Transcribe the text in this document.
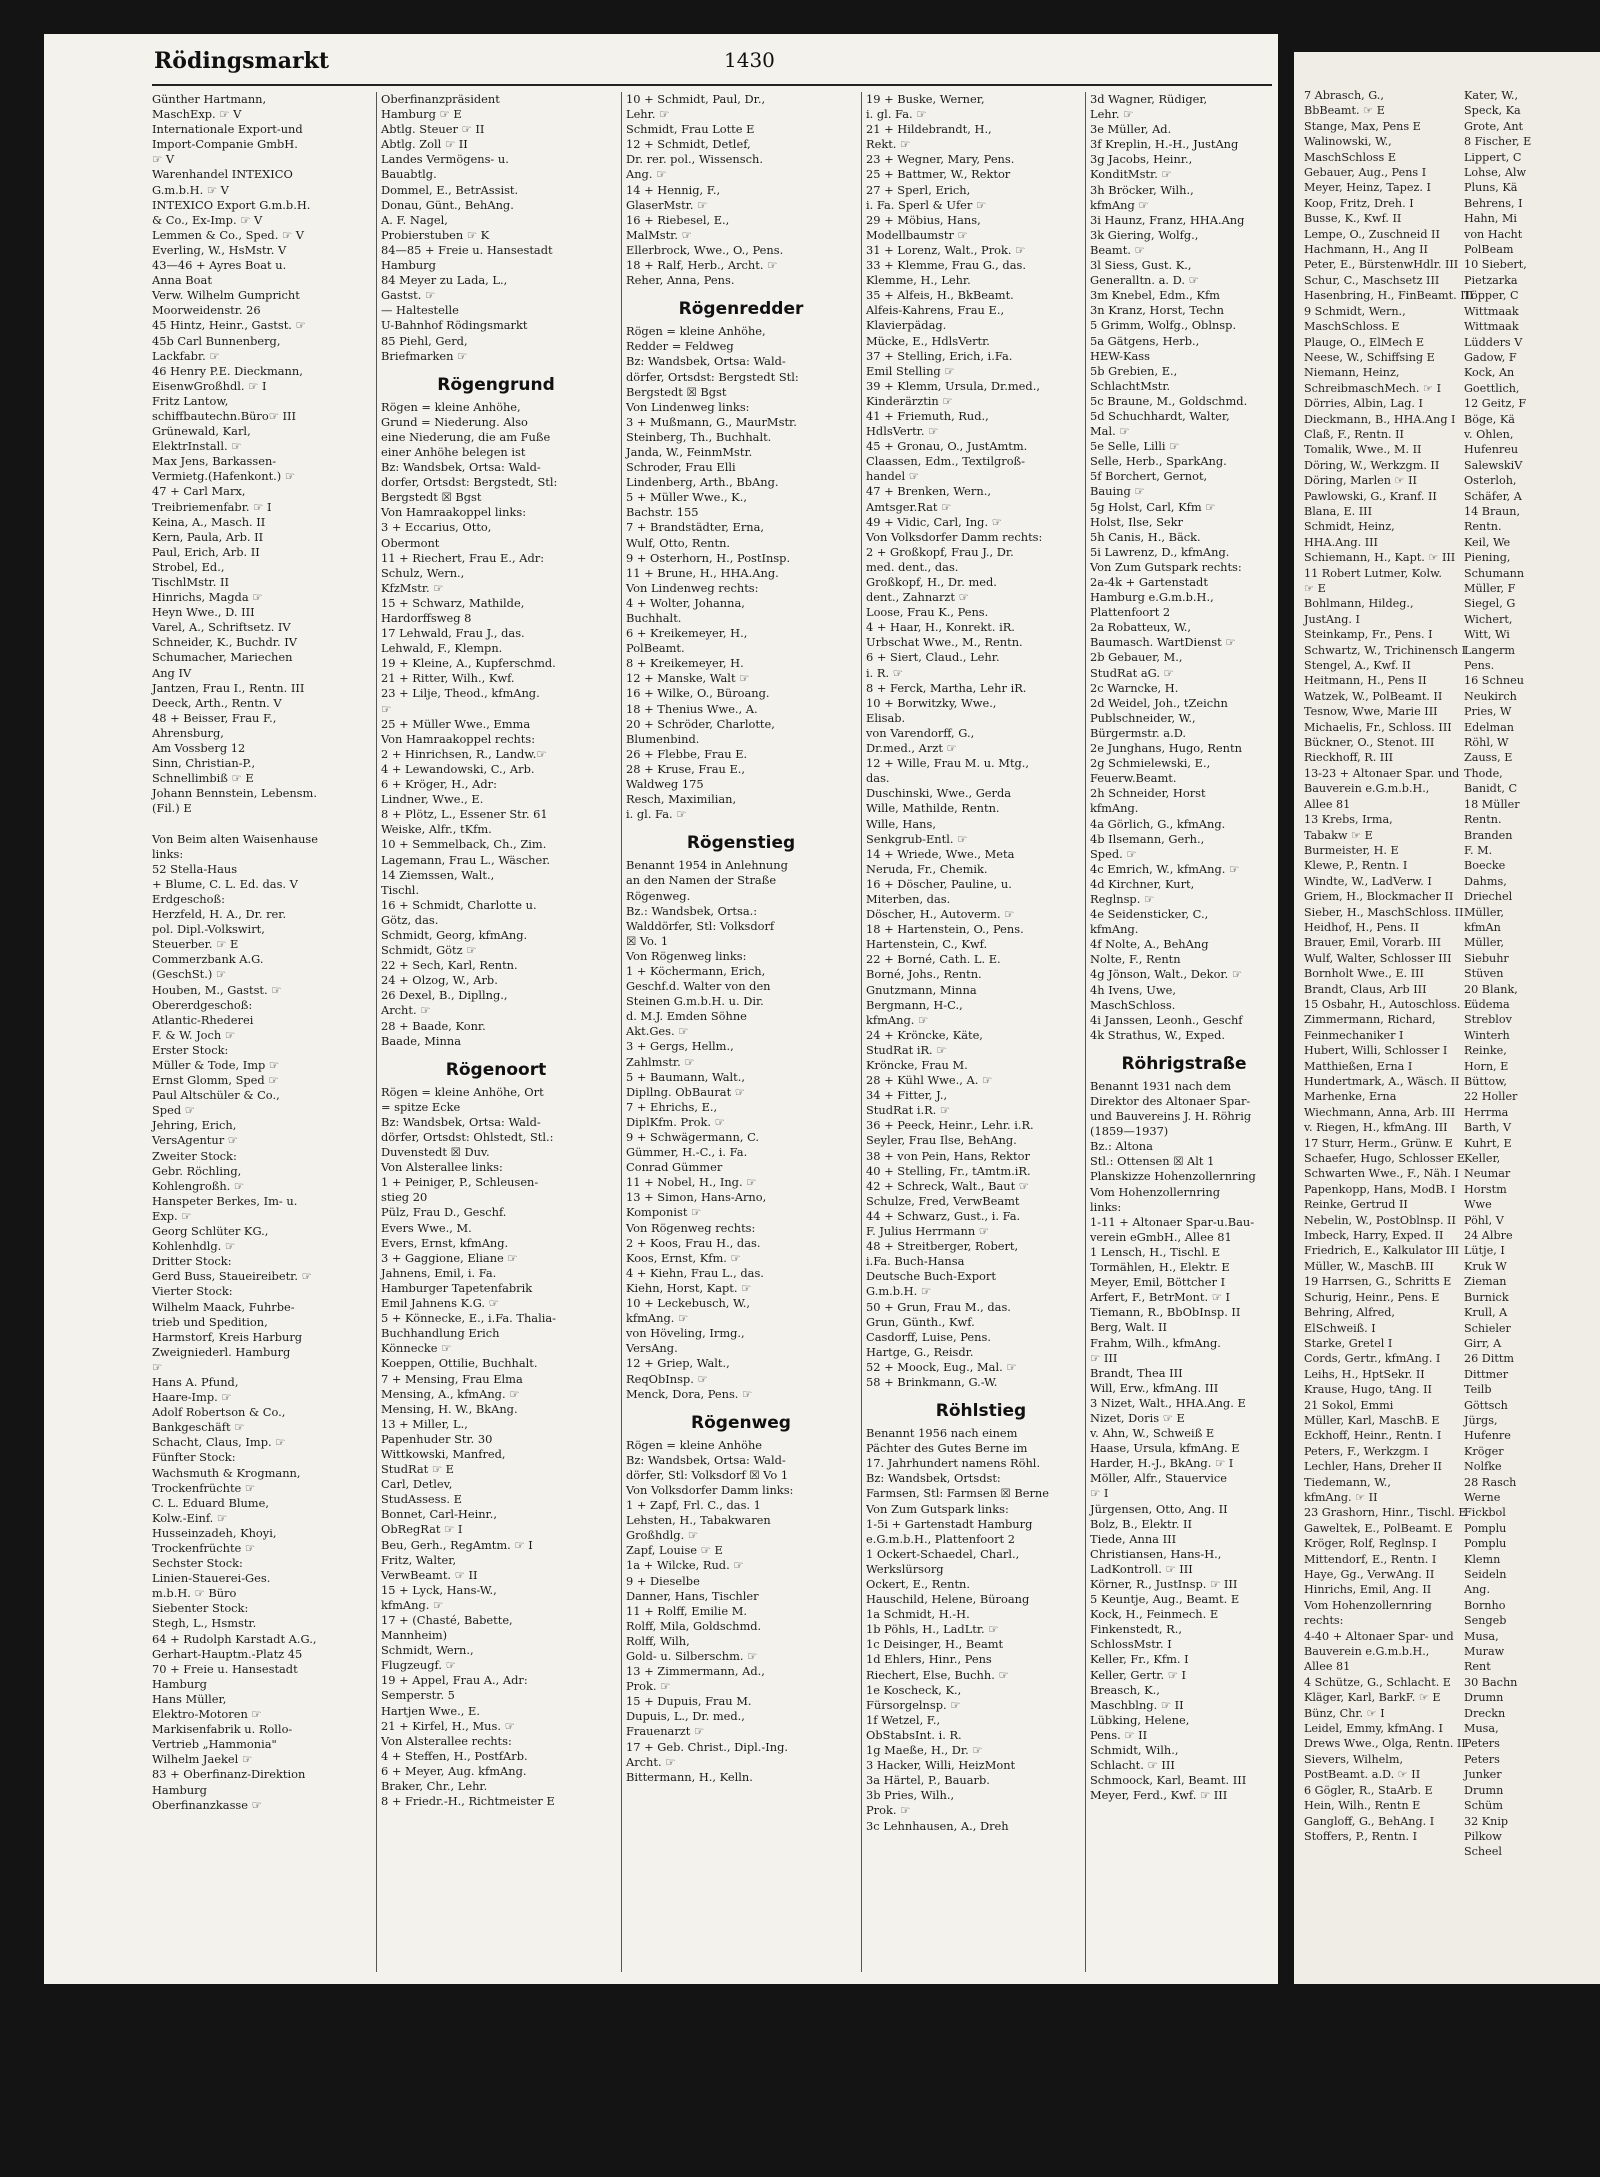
Rödingsmarkt	1430
Günther Hartmann,
MaschExp. ☞ V
Internationale Export-und
Import-Companie GmbH.
☞ V
Warenhandel INTEXICO
G.m.b.H. ☞ V
INTEXICO Export G.m.b.H.
& Co., Ex-Imp. ☞ V
Lemmen & Co., Sped. ☞ V
Everling, W., HsMstr. V
43—46 + Ayres Boat u.
Anna Boat
Verw. Wilhelm Gumpricht
Moorweidenstr. 26
45 Hintz, Heinr., Gastst. ☞
45b Carl Bunnenberg,
Lackfabr. ☞
46 Henry P.E. Dieckmann,
EisenwGroßhdl. ☞ I
Fritz Lantow,
schiffbautechn.Büro☞ III
Grünewald, Karl,
ElektrInstall. ☞
Max Jens, Barkassen-
Vermietg.(Hafenkont.) ☞
47 + Carl Marx,
Treibriemenfabr. ☞ I
Keina, A., Masch. II
Kern, Paula, Arb. II
Paul, Erich, Arb. II
Strobel, Ed.,
TischlMstr. II
Hinrichs, Magda ☞
Heyn Wwe., D. III
Varel, A., Schriftsetz. IV
Schneider, K., Buchdr. IV
Schumacher, Mariechen
Ang IV
Jantzen, Frau I., Rentn. III
Deeck, Arth., Rentn. V
48 + Beisser, Frau F.,
Ahrensburg,
Am Vossberg 12
Sinn, Christian-P.,
Schnellimbiß ☞ E
Johann Bennstein, Lebensm.
(Fil.) E

Von Beim alten Waisenhause
links:
52 Stella-Haus
+ Blume, C. L. Ed. das. V
Erdgeschoß:
Herzfeld, H. A., Dr. rer.
pol. Dipl.-Volkswirt,
Steuerber. ☞ E
Commerzbank A.G.
(GeschSt.) ☞
Houben, M., Gastst. ☞
Obererdgeschoß:
Atlantic-Rhederei
F. & W. Joch ☞
Erster Stock:
Müller & Tode, Imp ☞
Ernst Glomm, Sped ☞
Paul Altschüler & Co.,
Sped ☞
Jehring, Erich,
VersAgentur ☞
Zweiter Stock:
Gebr. Röchling,
Kohlengroßh. ☞
Hanspeter Berkes, Im- u.
Exp. ☞
Georg Schlüter KG.,
Kohlenhdlg. ☞
Dritter Stock:
Gerd Buss, Staueireibetr. ☞
Vierter Stock:
Wilhelm Maack, Fuhrbe-
trieb und Spedition,
Harmstorf, Kreis Harburg
Zweigniederl. Hamburg
☞
Hans A. Pfund,
Haare-Imp. ☞
Adolf Robertson & Co.,
Bankgeschäft ☞
Schacht, Claus, Imp. ☞
Fünfter Stock:
Wachsmuth & Krogmann,
Trockenfrüchte ☞
C. L. Eduard Blume,
Kolw.-Einf. ☞
Husseinzadeh, Khoyi,
Trockenfrüchte ☞
Sechster Stock:
Linien-Stauerei-Ges.
m.b.H. ☞ Büro
Siebenter Stock:
Stegh, L., Hsmstr.
64 + Rudolph Karstadt A.G.,
Gerhart-Hauptm.-Platz 45
70 + Freie u. Hansestadt
Hamburg
Hans Müller,
Elektro-Motoren ☞
Markisenfabrik u. Rollo-
Vertrieb „Hammonia"
Wilhelm Jaekel ☞
83 + Oberfinanz-Direktion
Hamburg
Oberfinanzkasse ☞
Oberfinanzpräsident
Hamburg ☞ E
Abtlg. Steuer ☞ II
Abtlg. Zoll ☞ II
Landes Vermögens- u.
Bauabtlg.
Dommel, E., BetrAssist.
Donau, Günt., BehAng.
A. F. Nagel,
Probierstuben ☞ K
84—85 + Freie u. Hansestadt
Hamburg
84 Meyer zu Lada, L.,
Gastst. ☞
— Haltestelle
U-Bahnhof Rödingsmarkt
85 Piehl, Gerd,
Briefmarken ☞
Rögengrund
Rögen = kleine Anhöhe,
Grund = Niederung. Also
eine Niederung, die am Fuße
einer Anhöhe belegen ist
Bz: Wandsbek, Ortsa: Wald-
dorfer, Ortsdst: Bergstedt, Stl:
Bergstedt ☒ Bgst
Von Hamraakoppel links:
3 + Eccarius, Otto,
Obermont
11 + Riechert, Frau E., Adr:
Schulz, Wern.,
KfzMstr. ☞
15 + Schwarz, Mathilde,
Hardorffsweg 8
17 Lehwald, Frau J., das.
Lehwald, F., Klempn.
19 + Kleine, A., Kupferschmd.
21 + Ritter, Wilh., Kwf.
23 + Lilje, Theod., kfmAng.
☞
25 + Müller Wwe., Emma
Von Hamraakoppel rechts:
2 + Hinrichsen, R., Landw.☞
4 + Lewandowski, C., Arb.
6 + Kröger, H., Adr:
Lindner, Wwe., E.
8 + Plötz, L., Essener Str. 61
Weiske, Alfr., tKfm.
10 + Semmelback, Ch., Zim.
Lagemann, Frau L., Wäscher.
14 Ziemssen, Walt.,
Tischl.
16 + Schmidt, Charlotte u.
Götz, das.
Schmidt, Georg, kfmAng.
Schmidt, Götz ☞
22 + Sech, Karl, Rentn.
24 + Olzog, W., Arb.
26 Dexel, B., Dipllng.,
Archt. ☞
28 + Baade, Konr.
Baade, Minna
Rögenoort
Rögen = kleine Anhöhe, Ort
= spitze Ecke
Bz: Wandsbek, Ortsa: Wald-
dörfer, Ortsdst: Ohlstedt, Stl.:
Duvenstedt ☒ Duv.
Von Alsterallee links:
1 + Peiniger, P., Schleusen-
stieg 20
Pülz, Frau D., Geschf.
Evers Wwe., M.
Evers, Ernst, kfmAng.
3 + Gaggione, Eliane ☞
Jahnens, Emil, i. Fa.
Hamburger Tapetenfabrik
Emil Jahnens K.G. ☞
5 + Könnecke, E., i.Fa. Thalia-
Buchhandlung Erich
Könnecke ☞
Koeppen, Ottilie, Buchhalt.
7 + Mensing, Frau Elma
Mensing, A., kfmAng. ☞
Mensing, H. W., BkAng.
13 + Miller, L.,
Papenhuder Str. 30
Wittkowski, Manfred,
StudRat ☞ E
Carl, Detlev,
StudAssess. E
Bonnet, Carl-Heinr.,
ObRegRat ☞ I
Beu, Gerh., RegAmtm. ☞ I
Fritz, Walter,
VerwBeamt. ☞ II
15 + Lyck, Hans-W.,
kfmAng. ☞
17 + (Chasté, Babette,
Mannheim)
Schmidt, Wern.,
Flugzeugf. ☞
19 + Appel, Frau A., Adr:
Semperstr. 5
Hartjen Wwe., E.
21 + Kirfel, H., Mus. ☞
Von Alsterallee rechts:
4 + Steffen, H., PostfArb.
6 + Meyer, Aug. kfmAng.
Braker, Chr., Lehr.
8 + Friedr.-H., Richtmeister E
10 + Schmidt, Paul, Dr.,
Lehr. ☞
Schmidt, Frau Lotte E
12 + Schmidt, Detlef,
Dr. rer. pol., Wissensch.
Ang. ☞
14 + Hennig, F.,
GlaserMstr. ☞
16 + Riebesel, E.,
MalMstr. ☞
Ellerbrock, Wwe., O., Pens.
18 + Ralf, Herb., Archt. ☞
Reher, Anna, Pens.
Rögenredder
Rögen = kleine Anhöhe,
Redder = Feldweg
Bz: Wandsbek, Ortsa: Wald-
dörfer, Ortsdst: Bergstedt Stl:
Bergstedt ☒ Bgst
Von Lindenweg links:
3 + Mußmann, G., MaurMstr.
Steinberg, Th., Buchhalt.
Janda, W., FeinmMstr.
Schroder, Frau Elli
Lindenberg, Arth., BbAng.
5 + Müller Wwe., K.,
Bachstr. 155
7 + Brandstädter, Erna,
Wulf, Otto, Rentn.
9 + Osterhorn, H., PostInsp.
11 + Brune, H., HHA.Ang.
Von Lindenweg rechts:
4 + Wolter, Johanna,
Buchhalt.
6 + Kreikemeyer, H.,
PolBeamt.
8 + Kreikemeyer, H.
12 + Manske, Walt ☞
16 + Wilke, O., Büroang.
18 + Thenius Wwe., A.
20 + Schröder, Charlotte,
Blumenbind.
26 + Flebbe, Frau E.
28 + Kruse, Frau E.,
Waldweg 175
Resch, Maximilian,
i. gl. Fa. ☞
Rögenstieg
Benannt 1954 in Anlehnung
an den Namen der Straße
Rögenweg.
Bz.: Wandsbek, Ortsa.:
Walddörfer, Stl: Volksdorf
☒ Vo. 1
Von Rögenweg links:
1 + Köchermann, Erich,
Geschf.d. Walter von den
Steinen G.m.b.H. u. Dir.
d. M.J. Emden Söhne
Akt.Ges. ☞
3 + Gergs, Hellm.,
Zahlmstr. ☞
5 + Baumann, Walt.,
Dipllng. ObBaurat ☞
7 + Ehrichs, E.,
DiplKfm. Prok. ☞
9 + Schwägermann, C.
Gümmer, H.-C., i. Fa.
Conrad Gümmer
11 + Nobel, H., Ing. ☞
13 + Simon, Hans-Arno,
Komponist ☞
Von Rögenweg rechts:
2 + Koos, Frau H., das.
Koos, Ernst, Kfm. ☞
4 + Kiehn, Frau L., das.
Kiehn, Horst, Kapt. ☞
10 + Leckebusch, W.,
kfmAng. ☞
von Höveling, Irmg.,
VersAng.
12 + Griep, Walt.,
ReqObInsp. ☞
Menck, Dora, Pens. ☞
Rögenweg
Rögen = kleine Anhöhe
Bz: Wandsbek, Ortsa: Wald-
dörfer, Stl: Volksdorf ☒ Vo 1
Von Volksdorfer Damm links:
1 + Zapf, Frl. C., das. 1
Lehsten, H., Tabakwaren
Großhdlg. ☞
Zapf, Louise ☞ E
1a + Wilcke, Rud. ☞
9 + Dieselbe
Danner, Hans, Tischler
11 + Rolff, Emilie M.
Rolff, Mila, Goldschmd.
Rolff, Wilh,
Gold- u. Silberschm. ☞
13 + Zimmermann, Ad.,
Prok. ☞
15 + Dupuis, Frau M.
Dupuis, L., Dr. med.,
Frauenarzt ☞
17 + Geb. Christ., Dipl.-Ing.
Archt. ☞
Bittermann, H., Kelln.
19 + Buske, Werner,
i. gl. Fa. ☞
21 + Hildebrandt, H.,
Rekt. ☞
23 + Wegner, Mary, Pens.
25 + Battmer, W., Rektor
27 + Sperl, Erich,
i. Fa. Sperl & Ufer ☞
29 + Möbius, Hans,
Modellbaumstr ☞
31 + Lorenz, Walt., Prok. ☞
33 + Klemme, Frau G., das.
Klemme, H., Lehr.
35 + Alfeis, H., BkBeamt.
Alfeis-Kahrens, Frau E.,
Klavierpädag.
Mücke, E., HdlsVertr.
37 + Stelling, Erich, i.Fa.
Emil Stelling ☞
39 + Klemm, Ursula, Dr.med.,
Kinderärztin ☞
41 + Friemuth, Rud.,
HdlsVertr. ☞
45 + Gronau, O., JustAmtm.
Claassen, Edm., Textilgroß-
handel ☞
47 + Brenken, Wern.,
Amtsger.Rat ☞
49 + Vidic, Carl, Ing. ☞
Von Volksdorfer Damm rechts:
2 + Großkopf, Frau J., Dr.
med. dent., das.
Großkopf, H., Dr. med.
dent., Zahnarzt ☞
Loose, Frau K., Pens.
4 + Haar, H., Konrekt. iR.
Urbschat Wwe., M., Rentn.
6 + Siert, Claud., Lehr.
i. R. ☞
8 + Ferck, Martha, Lehr iR.
10 + Borwitzky, Wwe.,
Elisab.
von Varendorff, G.,
Dr.med., Arzt ☞
12 + Wille, Frau M. u. Mtg.,
das.
Duschinski, Wwe., Gerda
Wille, Mathilde, Rentn.
Wille, Hans,
Senkgrub-Entl. ☞
14 + Wriede, Wwe., Meta
Neruda, Fr., Chemik.
16 + Döscher, Pauline, u.
Miterben, das.
Döscher, H., Autoverm. ☞
18 + Hartenstein, O., Pens.
Hartenstein, C., Kwf.
22 + Borné, Cath. L. E.
Borné, Johs., Rentn.
Gnutzmann, Minna
Bergmann, H-C.,
kfmAng. ☞
24 + Kröncke, Käte,
StudRat iR. ☞
Kröncke, Frau M.
28 + Kühl Wwe., A. ☞
34 + Fitter, J.,
StudRat i.R. ☞
36 + Peeck, Heinr., Lehr. i.R.
Seyler, Frau Ilse, BehAng.
38 + von Pein, Hans, Rektor
40 + Stelling, Fr., tAmtm.iR.
42 + Schreck, Walt., Baut ☞
Schulze, Fred, VerwBeamt
44 + Schwarz, Gust., i. Fa.
F. Julius Herrmann ☞
48 + Streitberger, Robert,
i.Fa. Buch-Hansa
Deutsche Buch-Export
G.m.b.H. ☞
50 + Grun, Frau M., das.
Grun, Günth., Kwf.
Casdorff, Luise, Pens.
Hartge, G., Reisdr.
52 + Moock, Eug., Mal. ☞
58 + Brinkmann, G.-W.
Röhlstieg
Benannt 1956 nach einem
Pächter des Gutes Berne im
17. Jahrhundert namens Röhl.
Bz: Wandsbek, Ortsdst:
Farmsen, Stl: Farmsen ☒ Berne
Von Zum Gutspark links:
1-5i + Gartenstadt Hamburg
e.G.m.b.H., Plattenfoort 2
1 Ockert-Schaedel, Charl.,
Werkslürsorg
Ockert, E., Rentn.
Hauschild, Helene, Büroang
1a Schmidt, H.-H.
1b Pöhls, H., LadLtr. ☞
1c Deisinger, H., Beamt
1d Ehlers, Hinr., Pens
Riechert, Else, Buchh. ☞
1e Koscheck, K.,
Fürsorgelnsp. ☞
1f Wetzel, F.,
ObStabsInt. i. R.
1g Maeße, H., Dr. ☞
3 Hacker, Willi, HeizMont
3a Härtel, P., Bauarb.
3b Pries, Wilh.,
Prok. ☞
3c Lehnhausen, A., Dreh
3d Wagner, Rüdiger,
Lehr. ☞
3e Müller, Ad.
3f Kreplin, H.-H., JustAng
3g Jacobs, Heinr.,
KonditMstr. ☞
3h Bröcker, Wilh.,
kfmAng ☞
3i Haunz, Franz, HHA.Ang
3k Giering, Wolfg.,
Beamt. ☞
3l Siess, Gust. K.,
Generalltn. a. D. ☞
3m Knebel, Edm., Kfm
3n Kranz, Horst, Techn
5 Grimm, Wolfg., Oblnsp.
5a Gätgens, Herb.,
HEW-Kass
5b Grebien, E.,
SchlachtMstr.
5c Braune, M., Goldschmd.
5d Schuchhardt, Walter,
Mal. ☞
5e Selle, Lilli ☞
Selle, Herb., SparkAng.
5f Borchert, Gernot,
Bauing ☞
5g Holst, Carl, Kfm ☞
Holst, Ilse, Sekr
5h Canis, H., Bäck.
5i Lawrenz, D., kfmAng.
Von Zum Gutspark rechts:
2a-4k + Gartenstadt
Hamburg e.G.m.b.H.,
Plattenfoort 2
2a Robatteux, W.,
Baumasch. WartDienst ☞
2b Gebauer, M.,
StudRat aG. ☞
2c Warncke, H.
2d Weidel, Joh., tZeichn
Publschneider, W.,
Bürgermstr. a.D.
2e Junghans, Hugo, Rentn
2g Schmielewski, E.,
Feuerw.Beamt.
2h Schneider, Horst
kfmAng.
4a Görlich, G., kfmAng.
4b Ilsemann, Gerh.,
Sped. ☞
4c Emrich, W., kfmAng. ☞
4d Kirchner, Kurt,
Reglnsp. ☞
4e Seidensticker, C.,
kfmAng.
4f Nolte, A., BehAng
Nolte, F., Rentn
4g Jönson, Walt., Dekor. ☞
4h Ivens, Uwe,
MaschSchloss.
4i Janssen, Leonh., Geschf
4k Strathus, W., Exped.
Röhrigstraße
Benannt 1931 nach dem
Direktor des Altonaer Spar-
und Bauvereins J. H. Röhrig
(1859—1937)
Bz.: Altona
Stl.: Ottensen ☒ Alt 1
Planskizze Hohenzollernring
Vom Hohenzollernring
links:
1-11 + Altonaer Spar-u.Bau-
verein eGmbH., Allee 81
1 Lensch, H., Tischl. E
Tormählen, H., Elektr. E
Meyer, Emil, Böttcher I
Arfert, F., BetrMont. ☞ I
Tiemann, R., BbObInsp. II
Berg, Walt. II
Frahm, Wilh., kfmAng.
☞ III
Brandt, Thea III
Will, Erw., kfmAng. III
3 Nizet, Walt., HHA.Ang. E
Nizet, Doris ☞ E
v. Ahn, W., Schweiß E
Haase, Ursula, kfmAng. E
Harder, H.-J., BkAng. ☞ I
Möller, Alfr., Stauervice
☞ I
Jürgensen, Otto, Ang. II
Bolz, B., Elektr. II
Tiede, Anna III
Christiansen, Hans-H.,
LadKontroll. ☞ III
Körner, R., JustInsp. ☞ III
5 Keuntje, Aug., Beamt. E
Kock, H., Feinmech. E
Finkenstedt, R.,
SchlossMstr. I
Keller, Fr., Kfm. I
Keller, Gertr. ☞ I
Breasch, K.,
Maschblng. ☞ II
Lübking, Helene,
Pens. ☞ II
Schmidt, Wilh.,
Schlacht. ☞ III
Schmoock, Karl, Beamt. III
Meyer, Ferd., Kwf. ☞ III
7 Abrasch, G.,
BbBeamt. ☞ E
Stange, Max, Pens E
Walinowski, W.,
MaschSchloss E
Gebauer, Aug., Pens I
Meyer, Heinz, Tapez. I
Koop, Fritz, Dreh. I
Busse, K., Kwf. II
Lempe, O., Zuschneid II
Hachmann, H., Ang II
Peter, E., BürstenwHdlr. III
Schur, C., Maschsetz III
Hasenbring, H., FinBeamt. III
9 Schmidt, Wern.,
MaschSchloss. E
Plauge, O., ElMech E
Neese, W., Schiffsing E
Niemann, Heinz,
SchreibmaschMech. ☞ I
Dörries, Albin, Lag. I
Dieckmann, B., HHA.Ang I
Claß, F., Rentn. II
Tomalik, Wwe., M. II
Döring, W., Werkzgm. II
Döring, Marlen ☞ II
Pawlowski, G., Kranf. II
Blana, E. III
Schmidt, Heinz,
HHA.Ang. III
Schiemann, H., Kapt. ☞ III
11 Robert Lutmer, Kolw.
☞ E
Bohlmann, Hildeg.,
JustAng. I
Steinkamp, Fr., Pens. I
Schwartz, W., Trichinensch I
Stengel, A., Kwf. II
Heitmann, H., Pens II
Watzek, W., PolBeamt. II
Tesnow, Wwe, Marie III
Michaelis, Fr., Schloss. III
Bückner, O., Stenot. III
Rieckhoff, R. III
13-23 + Altonaer Spar. und
Bauverein e.G.m.b.H.,
Allee 81
13 Krebs, Irma,
Tabakw ☞ E
Burmeister, H. E
Klewe, P., Rentn. I
Windte, W., LadVerw. I
Griem, H., Blockmacher II
Sieber, H., MaschSchloss. II
Heidhof, H., Pens. II
Brauer, Emil, Vorarb. III
Wulf, Walter, Schlosser III
Bornholt Wwe., E. III
Brandt, Claus, Arb III
15 Osbahr, H., Autoschloss. E
Zimmermann, Richard,
Feinmechaniker I
Hubert, Willi, Schlosser I
Matthießen, Erna I
Hundertmark, A., Wäsch. II
Marhenke, Erna
Wiechmann, Anna, Arb. III
v. Riegen, H., kfmAng. III
17 Sturr, Herm., Grünw. E
Schaefer, Hugo, Schlosser E
Schwarten Wwe., F., Näh. I
Papenkopp, Hans, ModB. I
Reinke, Gertrud II
Nebelin, W., PostOblnsp. II
Imbeck, Harry, Exped. II
Friedrich, E., Kalkulator III
Müller, W., MaschB. III
19 Harrsen, G., Schritts E
Schurig, Heinr., Pens. E
Behring, Alfred,
ElSchweiß. I
Starke, Gretel I
Cords, Gertr., kfmAng. I
Leihs, H., HptSekr. II
Krause, Hugo, tAng. II
21 Sokol, Emmi
Müller, Karl, MaschB. E
Eckhoff, Heinr., Rentn. I
Peters, F., Werkzgm. I
Lechler, Hans, Dreher II
Tiedemann, W.,
kfmAng. ☞ II
23 Grashorn, Hinr., Tischl. E
Gaweltek, E., PolBeamt. E
Kröger, Rolf, Reglnsp. I
Mittendorf, E., Rentn. I
Haye, Gg., VerwAng. II
Hinrichs, Emil, Ang. II
Vom Hohenzollernring
rechts:
4-40 + Altonaer Spar- und
Bauverein e.G.m.b.H.,
Allee 81
4 Schütze, G., Schlacht. E
Kläger, Karl, BarkF. ☞ E
Bünz, Chr. ☞ I
Leidel, Emmy, kfmAng. I
Drews Wwe., Olga, Rentn. II
Sievers, Wilhelm,
PostBeamt. a.D. ☞ II
6 Gögler, R., StaArb. E
Hein, Wilh., Rentn E
Gangloff, G., BehAng. I
Stoffers, P., Rentn. I
Kater, W.,
Speck, Ka
Grote, Ant
8 Fischer, E
Lippert, C
Lohse, Alw
Pluns, Kä
Behrens, I
Hahn, Mi
von Hacht
PolBeam
10 Siebert,
Pietzarka
Töpper, C
Wittmaak
Wittmaak
Lüdders V
Gadow, F
Kock, An
Goettlich,
12 Geitz, F
Böge, Kä
v. Ohlen,
Hufenreu
SalewskiV
Osterloh,
Schäfer, A
14 Braun,
Rentn.
Keil, We
Piening,
Schumann
Müller, F
Siegel, G
Wichert,
Witt, Wi
Langerm
Pens.
16 Schneu
Neukirch
Pries, W
Edelman
Röhl, W
Zauss, E
Thode,
Banidt, C
18 Müller
Rentn.
Branden
F. M.
Boecke
Dahms,
Driechel
Müller,
kfmAn
Müller,
Siebuhr
Stüven
20 Blank,
Lüdema
Streblov
Winterh
Reinke,
Horn, E
Büttow,
22 Holler
Herrma
Barth, V
Kuhrt, E
Keller,
Neumar
Horstm
Wwe
Pöhl, V
24 Albre
Lütje, I
Kruk W
Zieman
Burnick
Krull, A
Schieler
Girr, A
26 Dittm
Dittmer
Teilb
Göttsch
Jürgs,
Hufenre
Kröger
Nolfke
28 Rasch
Werne
Fickbol
Pomplu
Pomplu
Klemn
Seideln
Ang.
Bornho
Sengeb
Musa,
Muraw
Rent
30 Bachn
Drumn
Dreckn
Musa,
Peters
Peters
Junker
Drumn
Schüm
32 Knip
Pilkow
Scheel
